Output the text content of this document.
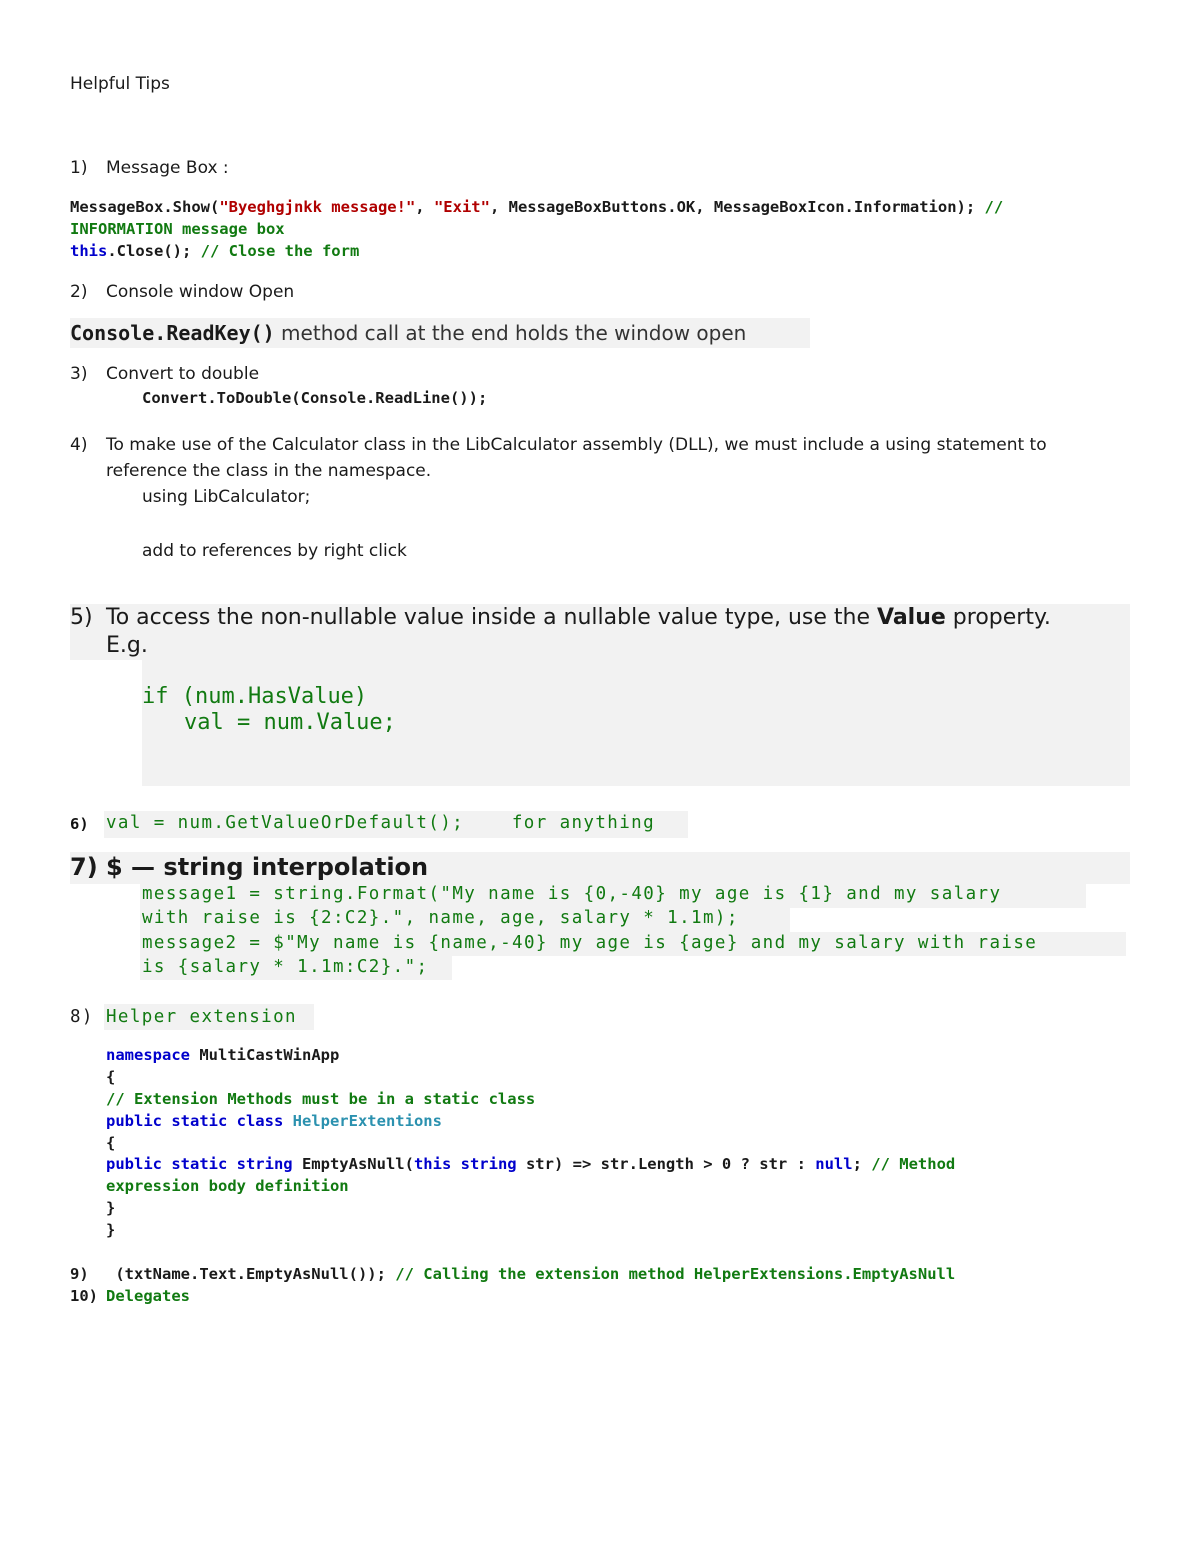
Helpful Tips
1) Message Box :
MessageBox.Show("Byeghgjnkk message!", "Exit", MessageBoxButtons.OK, MessageBoxIcon.Information); //
INFORMATION message box
this.Close(); // Close the form
2) Console window Open
Console.ReadKey() method call at the end holds the window open
3) Convert to double
Convert.ToDouble(Console.ReadLine());
4) To make use of the Calculator class in the LibCalculator assembly (DLL), we must include a using statement to
reference the class in the namespace.
using LibCalculator;
add to references by right click
5) To access the non-nullable value inside a nullable value type, use the Value property.
E.g.
if (num.HasValue)
val = num.Value;
6) val = num.GetValueOrDefault();    for anything
7) $ — string interpolation
message1 = string.Format("My name is {0,-40} my age is {1} and my salary
with raise is {2:C2}.", name, age, salary * 1.1m);
message2 = $"My name is {name,-40} my age is {age} and my salary with raise
is {salary * 1.1m:C2}.";
8) Helper extension
namespace MultiCastWinApp
{
// Extension Methods must be in a static class
public static class HelperExtentions
{
public static string EmptyAsNull(this string str) => str.Length > 0 ? str : null; // Method
expression body definition
}
}
9) (txtName.Text.EmptyAsNull()); // Calling the extension method HelperExtensions.EmptyAsNull
10) Delegates
